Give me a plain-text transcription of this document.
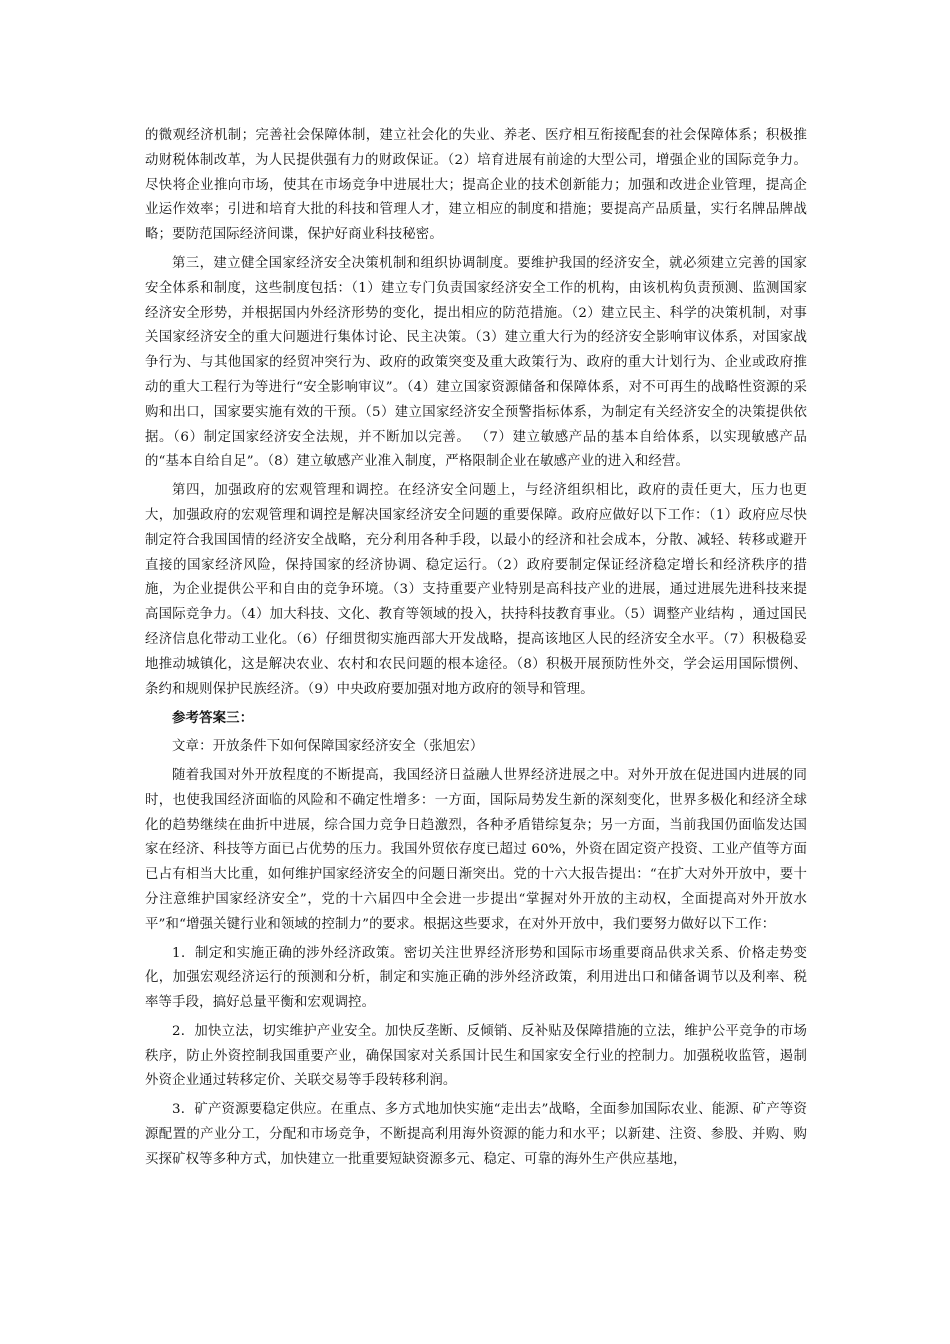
的微观经济机制；完善社会保障体制，建立社会化的失业、养老、医疗相互衔接配套的社会保障体系；积极推动财税体制改革，为人民提供强有力的财政保证。（2）培育进展有前途的大型公司，增强企业的国际竞争力。尽快将企业推向市场，使其在市场竞争中进展壮大；提高企业的技术创新能力；加强和改进企业管理，提高企业运作效率；引进和培育大批的科技和管理人才，建立相应的制度和措施；要提高产品质量，实行名牌品牌战略；要防范国际经济间谍，保护好商业科技秘密。

第三，建立健全国家经济安全决策机制和组织协调制度。要维护我国的经济安全，就必须建立完善的国家安全体系和制度，这些制度包括：（1）建立专门负责国家经济安全工作的机构，由该机构负责预测、监测国家经济安全形势，并根据国内外经济形势的变化，提出相应的防范措施。（2）建立民主、科学的决策机制，对事关国家经济安全的重大问题进行集体讨论、民主决策。（3）建立重大行为的经济安全影响审议体系，对国家战争行为、与其他国家的经贸冲突行为、政府的政策突变及重大政策行为、政府的重大计划行为、企业或政府推动的重大工程行为等进行“安全影响审议”。（4）建立国家资源储备和保障体系，对不可再生的战略性资源的采购和出口，国家要实施有效的干预。（5）建立国家经济安全预警指标体系，为制定有关经济安全的决策提供依据。（6）制定国家经济安全法规，并不断加以完善。 （7）建立敏感产品的基本自给体系，以实现敏感产品的“基本自给自足”。（8）建立敏感产业准入制度，严格限制企业在敏感产业的进入和经营。

第四，加强政府的宏观管理和调控。在经济安全问题上，与经济组织相比，政府的责任更大，压力也更大，加强政府的宏观管理和调控是解决国家经济安全问题的重要保障。政府应做好以下工作：（1）政府应尽快制定符合我国国情的经济安全战略，充分利用各种手段，以最小的经济和社会成本，分散、减轻、转移或避开直接的国家经济风险，保持国家的经济协调、稳定运行。（2）政府要制定保证经济稳定增长和经济秩序的措施，为企业提供公平和自由的竞争环境。（3）支持重要产业特别是高科技产业的进展，通过进展先进科技来提高国际竞争力。（4）加大科技、文化、教育等领域的投入，扶持科技教育事业。（5）调整产业结构 ，通过国民经济信息化带动工业化。（6）仔细贯彻实施西部大开发战略，提高该地区人民的经济安全水平。（7）积极稳妥地推动城镇化，这是解决农业、农村和农民问题的根本途径。（8）积极开展预防性外交，学会运用国际惯例、条约和规则保护民族经济。（9）中央政府要加强对地方政府的领导和管理。

参考答案三：

文章：开放条件下如何保障国家经济安全（张旭宏）

随着我国对外开放程度的不断提高，我国经济日益融人世界经济进展之中。对外开放在促进国内进展的同时，也使我国经济面临的风险和不确定性增多：一方面，国际局势发生新的深刻变化，世界多极化和经济全球化的趋势继续在曲折中进展，综合国力竞争日趋激烈，各种矛盾错综复杂；另一方面，当前我国仍面临发达国家在经济、科技等方面已占优势的压力。我国外贸依存度已超过 60%，外资在固定资产投资、工业产值等方面已占有相当大比重，如何维护国家经济安全的问题日渐突出。党的十六大报告提出：“在扩大对外开放中，要十分注意维护国家经济安全”，党的十六届四中全会进一步提出“掌握对外开放的主动权，全面提高对外开放水平”和“增强关键行业和领域的控制力”的要求。根据这些要求，在对外开放中，我们要努力做好以下工作：

1．制定和实施正确的涉外经济政策。密切关注世界经济形势和国际市场重要商品供求关系、价格走势变化，加强宏观经济运行的预测和分析，制定和实施正确的涉外经济政策，利用进出口和储备调节以及利率、税率等手段，搞好总量平衡和宏观调控。

2．加快立法，切实维护产业安全。加快反垄断、反倾销、反补贴及保障措施的立法，维护公平竞争的市场秩序，防止外资控制我国重要产业，确保国家对关系国计民生和国家安全行业的控制力。加强税收监管，遏制外资企业通过转移定价、关联交易等手段转移利润。

3．矿产资源要稳定供应。在重点、多方式地加快实施“走出去”战略，全面参加国际农业、能源、矿产等资源配置的产业分工，分配和市场竞争，不断提高利用海外资源的能力和水平；以新建、注资、参股、并购、购买探矿权等多种方式，加快建立一批重要短缺资源多元、稳定、可靠的海外生产供应基地，
